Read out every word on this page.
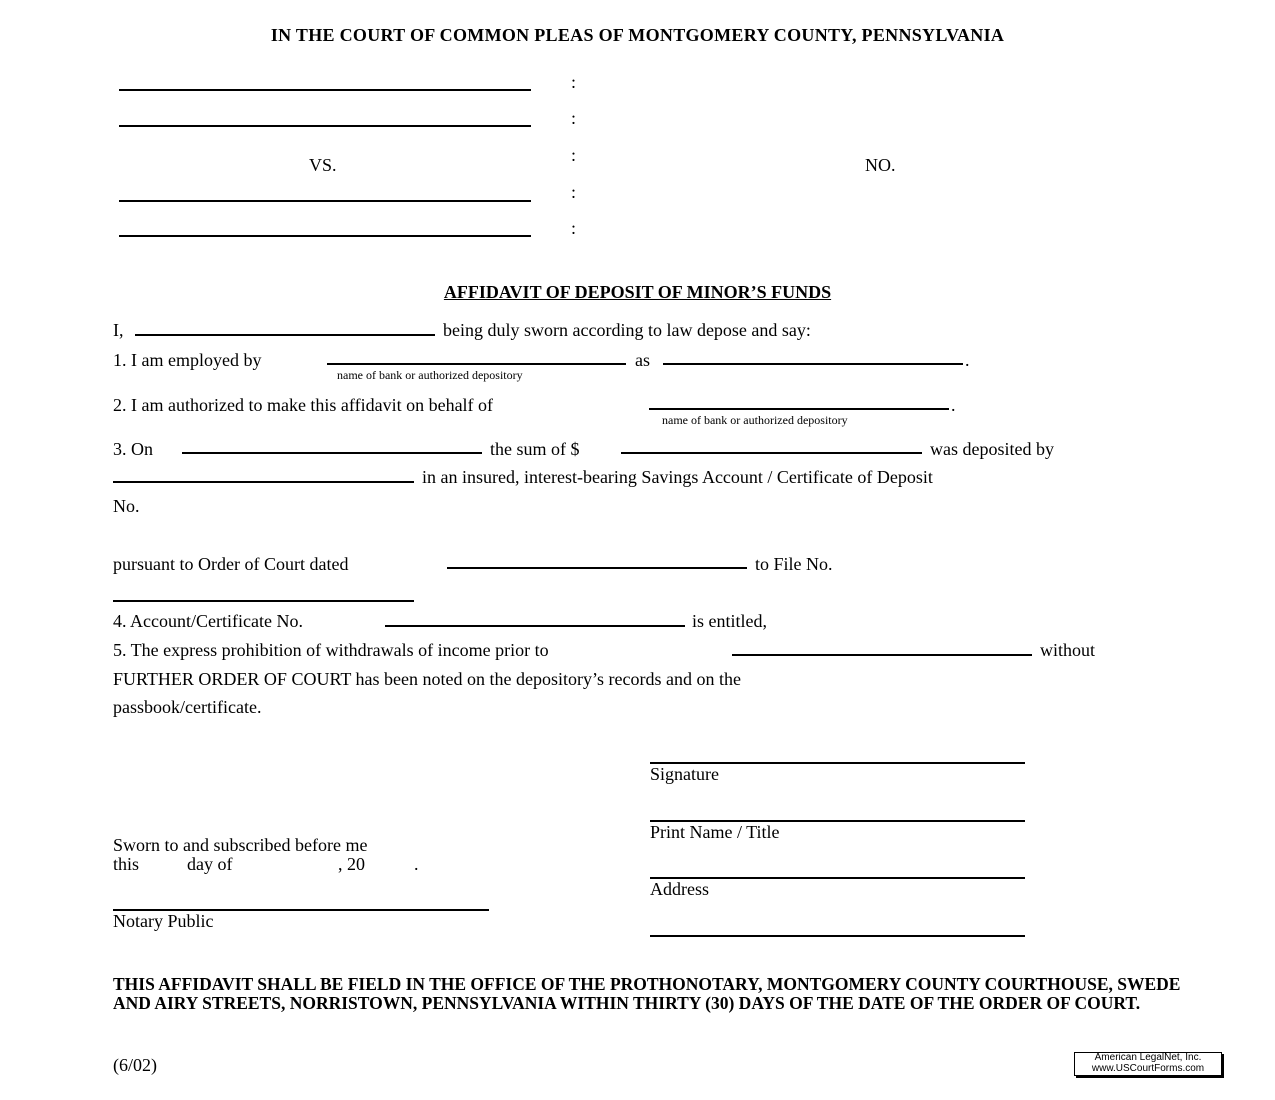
IN THE COURT OF COMMON PLEAS OF MONTGOMERY COUNTY, PENNSYLVANIA
:
:
:
:
:
VS.	NO.
AFFIDAVIT OF DEPOSIT OF MINOR’S FUNDS
I,	being duly sworn according to law depose and say:
1. I am employed by
name of bank or authorized depository
as	.
2. I am authorized to make this affidavit on behalf of
name of bank or authorized depository
.
3. On	the sum of $	was deposited by
in an insured, interest-bearing Savings Account / Certificate of Deposit
No.
pursuant to Order of Court dated	to File No.
4. Account/Certificate No.	is entitled,
5. The express prohibition of withdrawals of income prior to	without
FURTHER ORDER OF COURT has been noted on the depository’s records and on the
passbook/certificate.
Signature
Print Name / Title
Address
Sworn to and subscribed before me
this	day of	, 20	.
Notary Public
THIS AFFIDAVIT SHALL BE FIELD IN THE OFFICE OF THE PROTHONOTARY, MONTGOMERY COUNTY COURTHOUSE, SWEDE AND AIRY STREETS, NORRISTOWN, PENNSYLVANIA WITHIN THIRTY (30) DAYS OF THE DATE OF THE ORDER OF COURT.
(6/02)	American LegalNet, Inc.
www.USCourtForms.com
